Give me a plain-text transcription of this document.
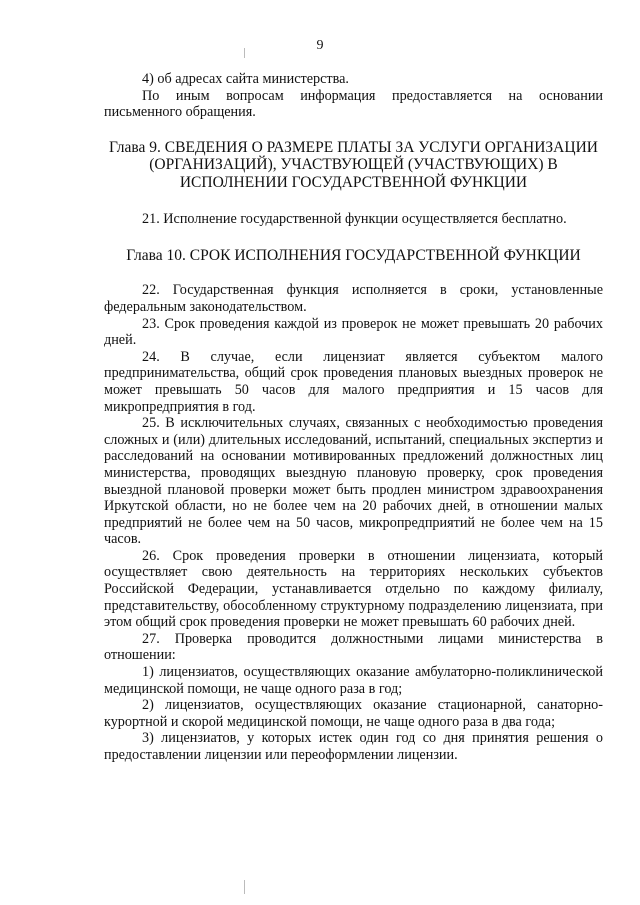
9

4) об адресах сайта министерства.

По иным вопросам информация предоставляется на основании письменного обращения.

Глава 9. СВЕДЕНИЯ О РАЗМЕРЕ ПЛАТЫ ЗА УСЛУГИ ОРГАНИЗАЦИИ (ОРГАНИЗАЦИЙ), УЧАСТВУЮЩЕЙ (УЧАСТВУЮЩИХ) В ИСПОЛНЕНИИ ГОСУДАРСТВЕННОЙ ФУНКЦИИ

21. Исполнение государственной функции осуществляется бесплатно.

Глава 10. СРОК ИСПОЛНЕНИЯ ГОСУДАРСТВЕННОЙ ФУНКЦИИ

22. Государственная функция исполняется в сроки, установленные федеральным законодательством.

23. Срок проведения каждой из проверок не может превышать 20 рабочих дней.

24. В случае, если лицензиат является субъектом малого предпринимательства, общий срок проведения плановых выездных проверок не может превышать 50 часов для малого предприятия и 15 часов для микропредприятия в год.

25. В исключительных случаях, связанных с необходимостью проведения сложных и (или) длительных исследований, испытаний, специальных экспертиз и расследований на основании мотивированных предложений должностных лиц министерства, проводящих выездную плановую проверку, срок проведения выездной плановой проверки может быть продлен министром здравоохранения Иркутской области, но не более чем на 20 рабочих дней, в отношении малых предприятий не более чем на 50 часов, микропредприятий не более чем на 15 часов.

26. Срок проведения проверки в отношении лицензиата, который осуществляет свою деятельность на территориях нескольких субъектов Российской Федерации, устанавливается отдельно по каждому филиалу, представительству, обособленному структурному подразделению лицензиата, при этом общий срок проведения проверки не может превышать 60 рабочих дней.

27. Проверка проводится должностными лицами министерства в отношении:

1) лицензиатов, осуществляющих оказание амбулаторно-поликлинической медицинской помощи, не чаще одного раза в год;

2) лицензиатов, осуществляющих оказание стационарной, санаторно-курортной и скорой медицинской помощи, не чаще одного раза в два года;

3) лицензиатов, у которых истек один год со дня принятия решения о предоставлении лицензии или переоформлении лицензии.
